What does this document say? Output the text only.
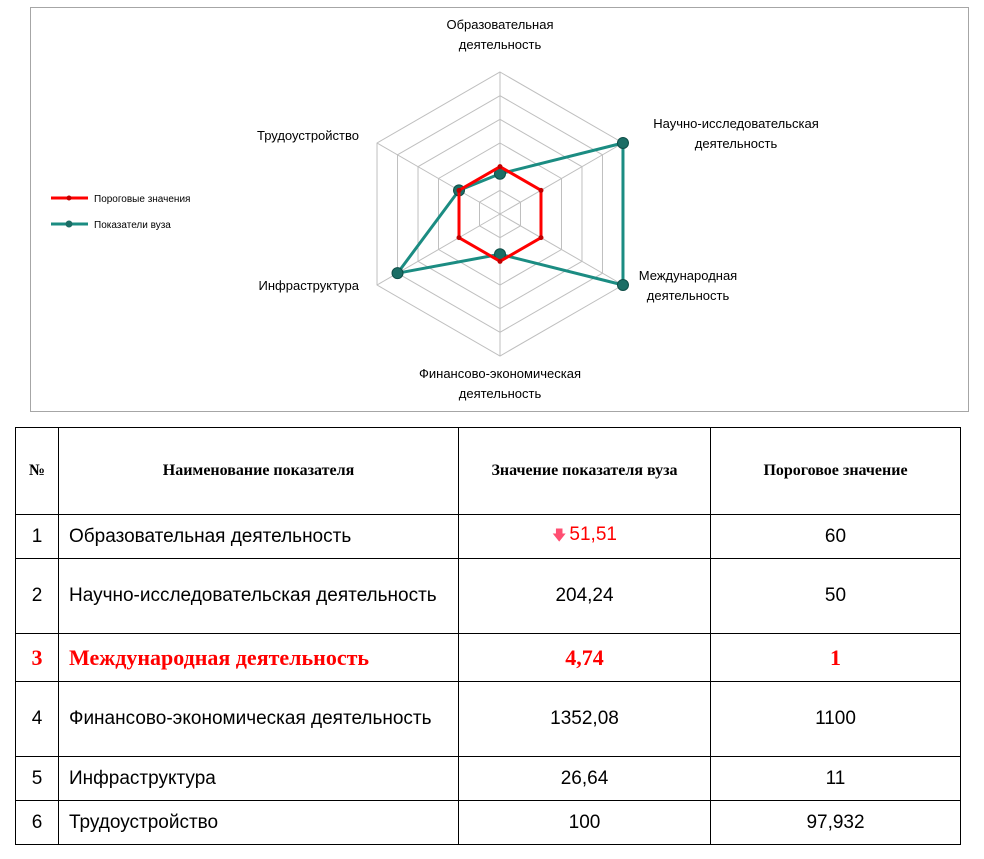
Образовательная
деятельность
Научно-исследовательская
деятельность
Международная
деятельность
Финансово-экономическая
деятельность
Инфраструктура
Трудоустройство
Пороговые значения
Показатели вуза
№	Наименование показателя	Значение показателя вуза	Пороговое значение
1	Образовательная деятельность	🡇 51,51	60
2	Научно-исследовательская деятельность	204,24	50
3	Международная деятельность	4,74	1
4	Финансово-экономическая деятельность	1352,08	1100
5	Инфраструктура	26,64	11
6	Трудоустройство	100	97,932
